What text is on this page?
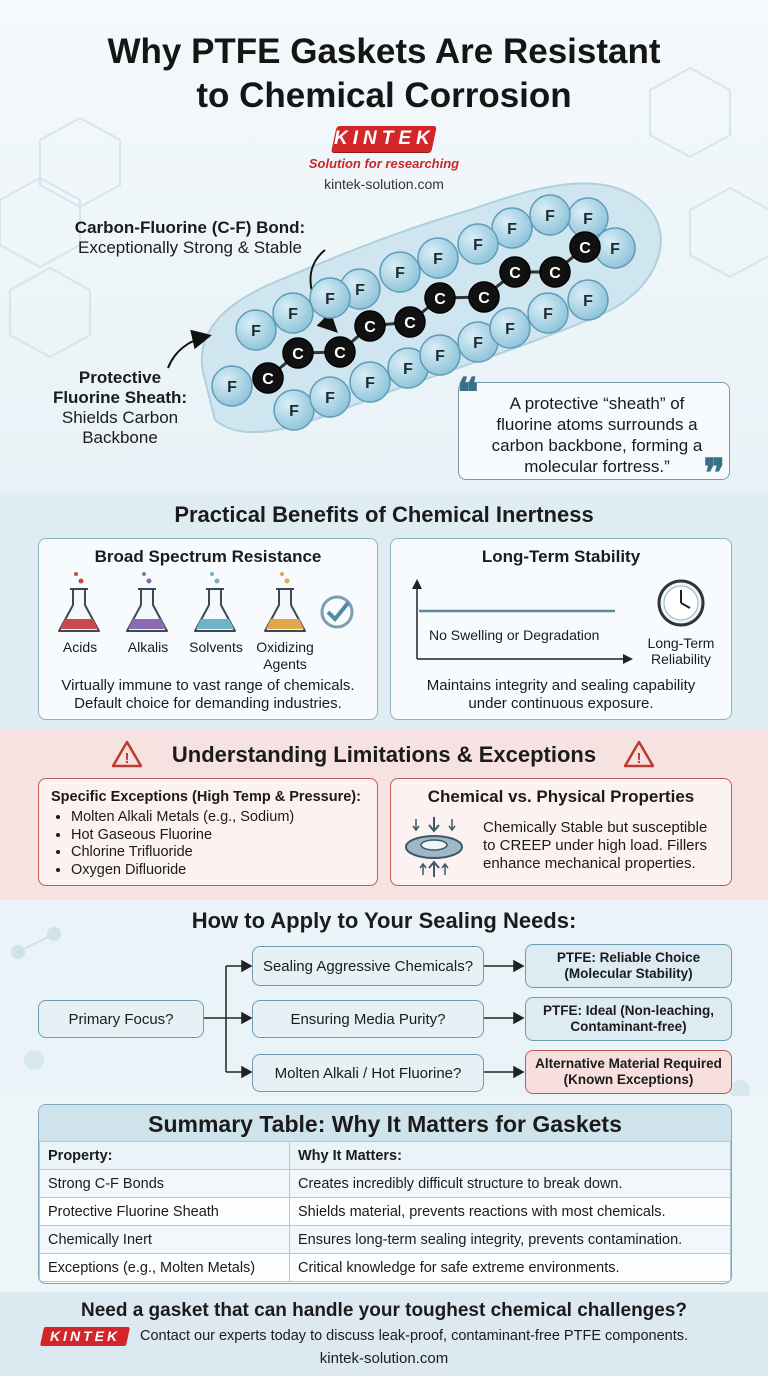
Why PTFE Gaskets Are Resistant
to Chemical Corrosion
KINTEK
Solution for researching
kintek-solution.com
F
F
F
F
F
F
F
F
F
F
F
F
F
F
F
F
F
F
F
F
F
C
C C
C C
C C
C C
C
Carbon-Fluorine (C-F) Bond:
Exceptionally Strong & Stable
Protective
Fluorine Sheath:
Shields Carbon
Backbone
❝	A protective “sheath” of fluorine atoms surrounds a carbon backbone, forming a molecular fortress.” ❞
Practical Benefits of Chemical Inertness
Broad Spectrum Resistance
Acids	Alkalis	Solvents Oxidizing Agents
Virtually immune to vast range of chemicals.
Default choice for demanding industries.
Long-Term Stability
No Swelling or Degradation	Long-Term
Reliability
Maintains integrity and sealing capability
under continuous exposure.
!	Understanding Limitations & Exceptions	!
Specific Exceptions (High Temp & Pressure):
• Molten Alkali Metals (e.g., Sodium)
• Hot Gaseous Fluorine
• Chlorine Trifluoride
• Oxygen Difluoride
Chemical vs. Physical Properties
Chemically Stable but susceptible
to CREEP under high load. Fillers
enhance mechanical properties.
How to Apply to Your Sealing Needs:
Primary Focus?
Sealing Aggressive Chemicals?
Ensuring Media Purity?
Molten Alkali / Hot Fluorine?
PTFE: Reliable Choice
(Molecular Stability)
PTFE: Ideal (Non-leaching,
Contaminant-free)
Alternative Material Required
(Known Exceptions)
Summary Table: Why It Matters for Gaskets
Property:	Why It Matters:
Strong C-F Bonds	Creates incredibly difficult structure to break down.
Protective Fluorine Sheath	Shields material, prevents reactions with most chemicals.
Chemically Inert	Ensures long-term sealing integrity, prevents contamination.
Exceptions (e.g., Molten Metals)	Critical knowledge for safe extreme environments.
Need a gasket that can handle your toughest chemical challenges?
Contact our experts today to discuss leak-proof, contaminant-free PTFE components.
kintek-solution.com
KINTEK
